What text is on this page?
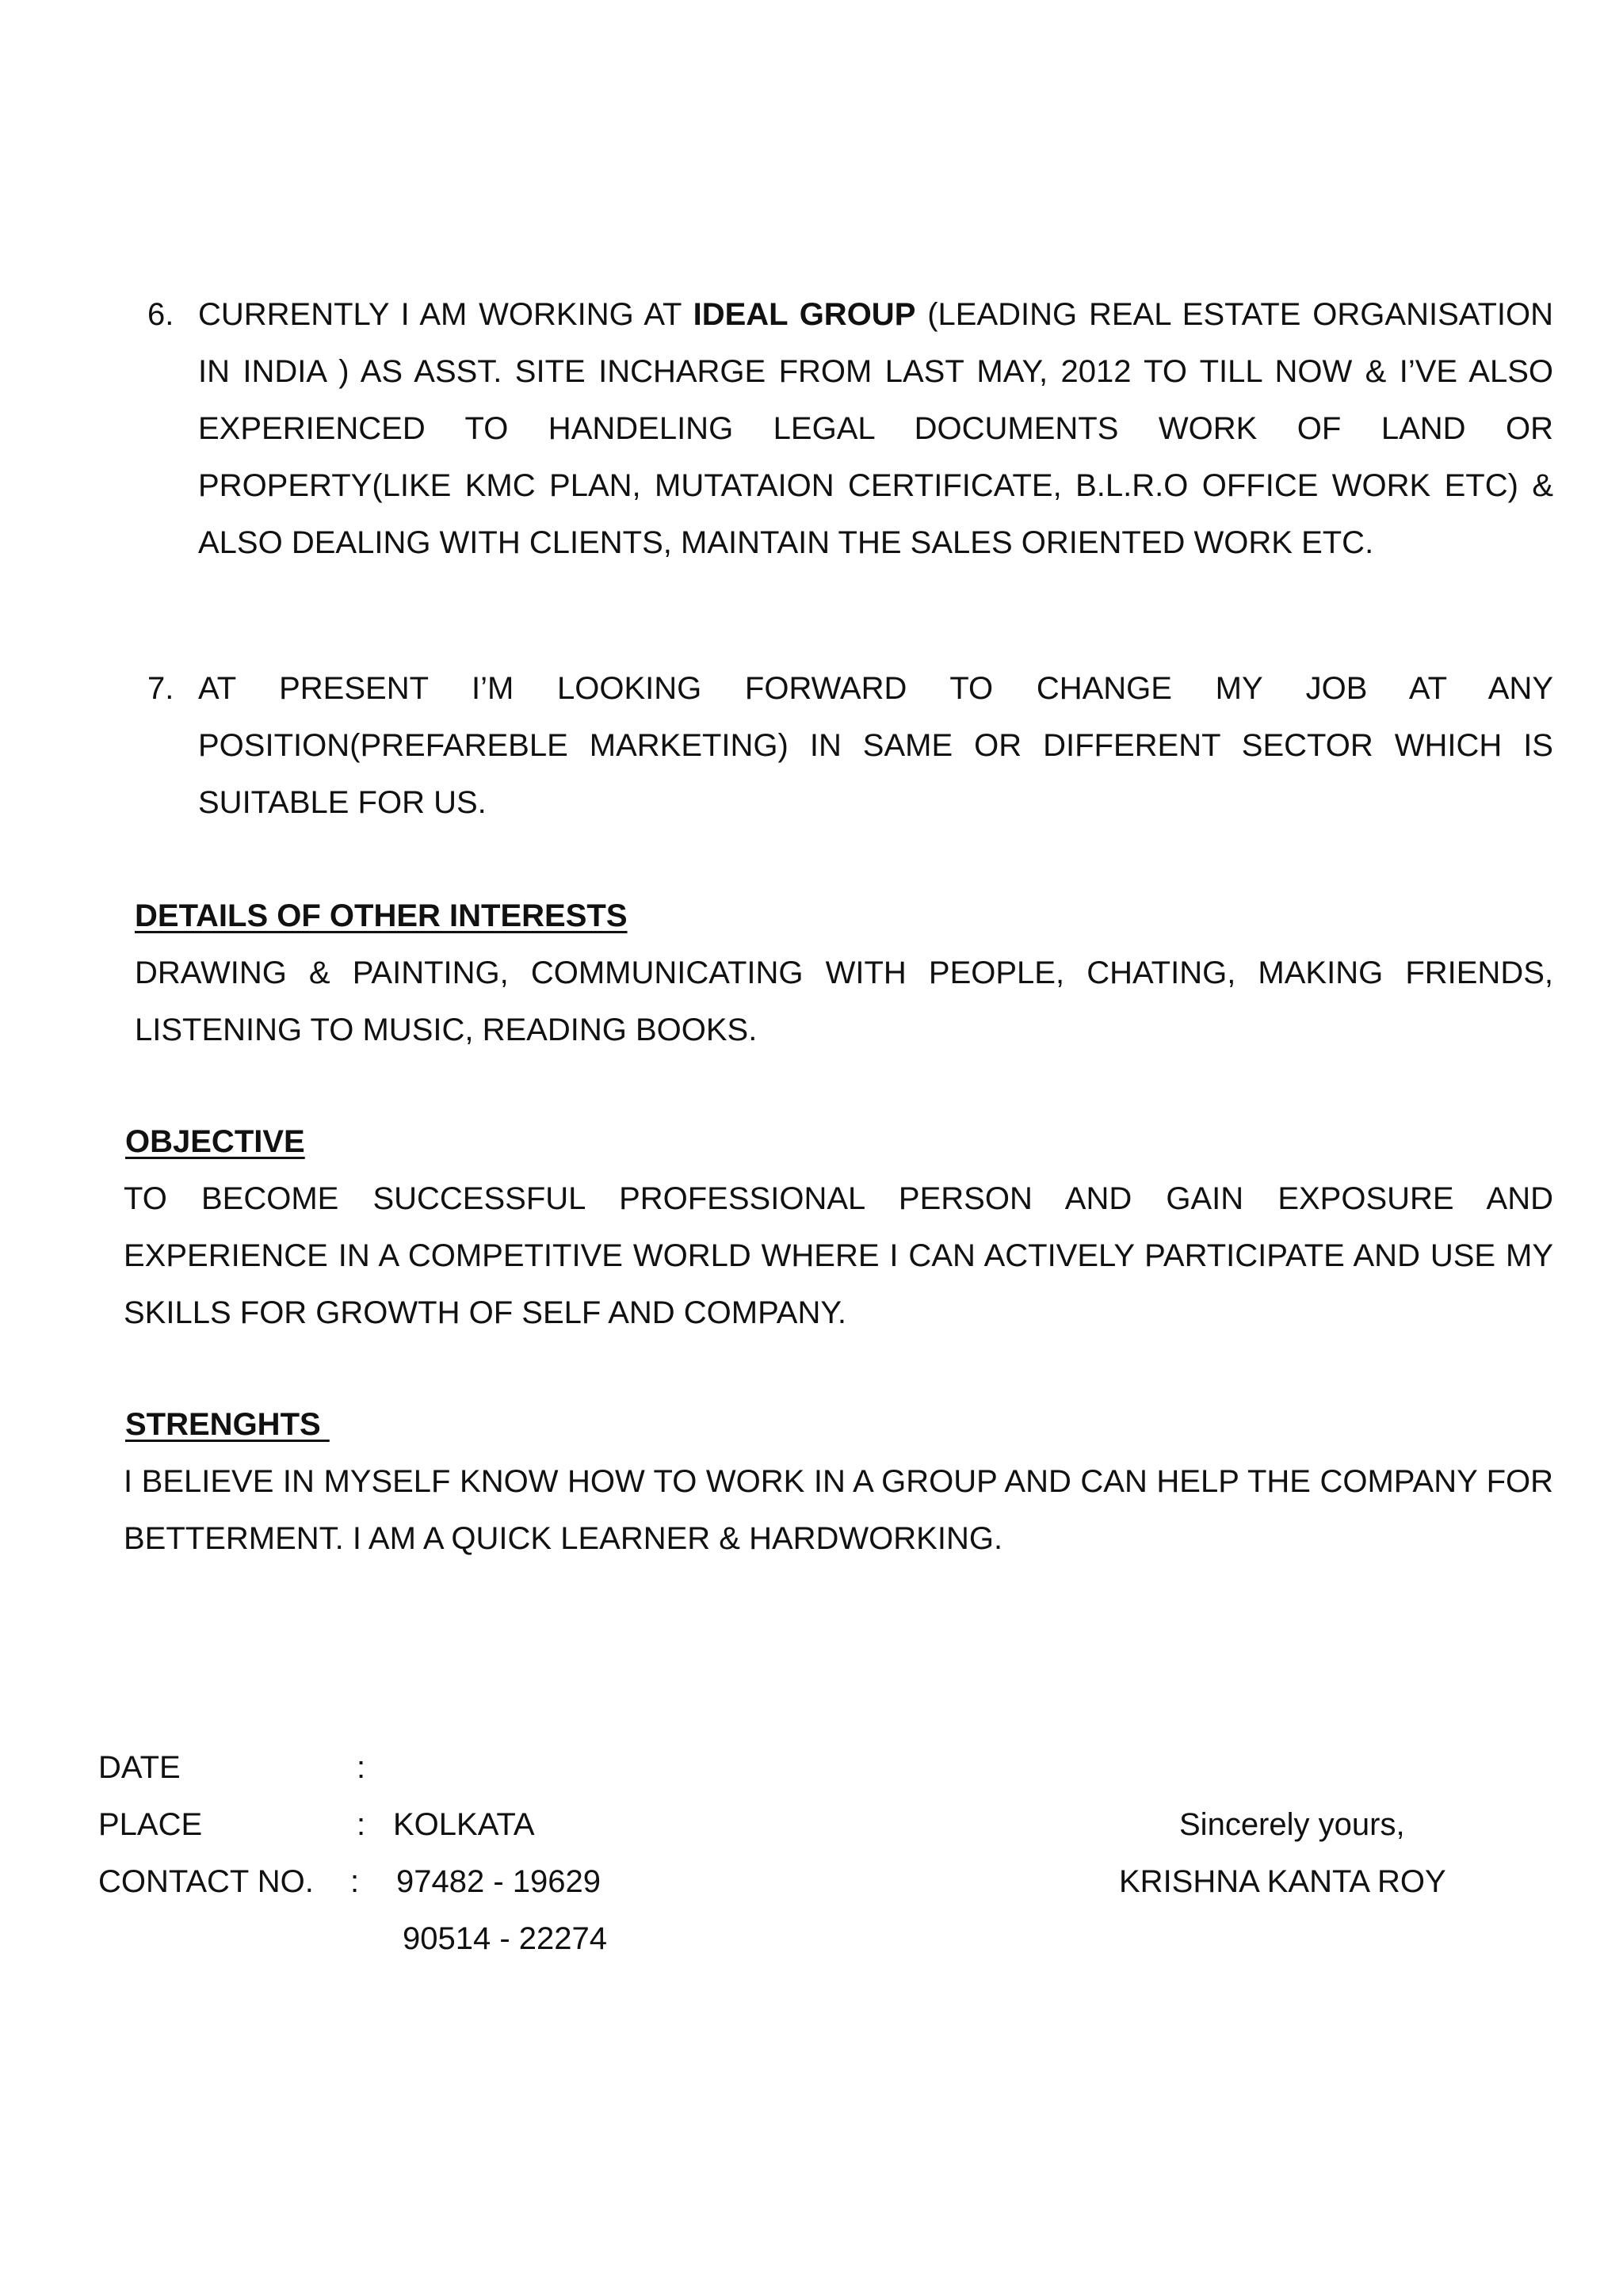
6. CURRENTLY I AM WORKING AT IDEAL GROUP (LEADING REAL ESTATE ORGANISATION IN INDIA ) AS ASST. SITE INCHARGE FROM LAST MAY, 2012 TO TILL NOW & I’VE ALSO EXPERIENCED TO HANDELING LEGAL DOCUMENTS WORK OF LAND OR PROPERTY(LIKE KMC PLAN, MUTATAION CERTIFICATE, B.L.R.O OFFICE WORK ETC) & ALSO DEALING WITH CLIENTS, MAINTAIN THE SALES ORIENTED WORK ETC.
7. AT PRESENT I’M LOOKING FORWARD TO CHANGE MY JOB AT ANY POSITION(PREFAREBLE MARKETING) IN SAME OR DIFFERENT SECTOR WHICH IS SUITABLE FOR US.
DETAILS OF OTHER INTERESTS
DRAWING & PAINTING, COMMUNICATING WITH PEOPLE, CHATING, MAKING FRIENDS, LISTENING TO MUSIC, READING BOOKS.
OBJECTIVE
TO BECOME SUCCESSFUL PROFESSIONAL PERSON AND GAIN EXPOSURE AND EXPERIENCE IN A COMPETITIVE WORLD WHERE I CAN ACTIVELY PARTICIPATE AND USE MY SKILLS FOR GROWTH OF SELF AND COMPANY.
STRENGHTS
I BELIEVE IN MYSELF KNOW HOW TO WORK IN A GROUP AND CAN HELP THE COMPANY FOR BETTERMENT. I AM A QUICK LEARNER & HARDWORKING.
DATE	:
PLACE	: KOLKATA
CONTACT NO. : 97482 - 19629
90514 - 22274
Sincerely yours,
KRISHNA KANTA ROY
